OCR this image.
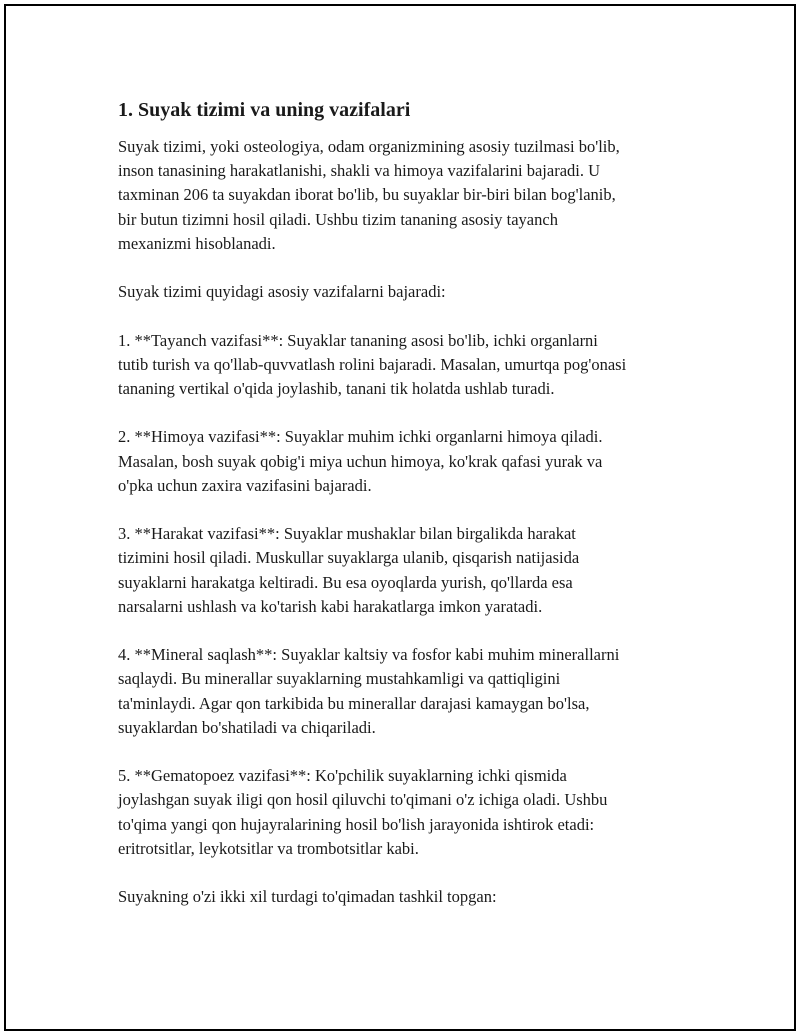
1. Suyak tizimi va uning vazifalari

Suyak tizimi, yoki osteologiya, odam organizmining asosiy tuzilmasi bo'lib,
inson tanasining harakatlanishi, shakli va himoya vazifalarini bajaradi. U
taxminan 206 ta suyakdan iborat bo'lib, bu suyaklar bir-biri bilan bog'lanib,
bir butun tizimni hosil qiladi. Ushbu tizim tananing asosiy tayanch
mexanizmi hisoblanadi.

Suyak tizimi quyidagi asosiy vazifalarni bajaradi:

1. **Tayanch vazifasi**: Suyaklar tananing asosi bo'lib, ichki organlarni
tutib turish va qo'llab-quvvatlash rolini bajaradi. Masalan, umurtqa pog'onasi
tananing vertikal o'qida joylashib, tanani tik holatda ushlab turadi.

2. **Himoya vazifasi**: Suyaklar muhim ichki organlarni himoya qiladi.
Masalan, bosh suyak qobig'i miya uchun himoya, ko'krak qafasi yurak va
o'pka uchun zaxira vazifasini bajaradi.

3. **Harakat vazifasi**: Suyaklar mushaklar bilan birgalikda harakat
tizimini hosil qiladi. Muskullar suyaklarga ulanib, qisqarish natijasida
suyaklarni harakatga keltiradi. Bu esa oyoqlarda yurish, qo'llarda esa
narsalarni ushlash va ko'tarish kabi harakatlarga imkon yaratadi.

4. **Mineral saqlash**: Suyaklar kaltsiy va fosfor kabi muhim minerallarni
saqlaydi. Bu minerallar suyaklarning mustahkamligi va qattiqligini
ta'minlaydi. Agar qon tarkibida bu minerallar darajasi kamaygan bo'lsa,
suyaklardan bo'shatiladi va chiqariladi.

5. **Gematopoez vazifasi**: Ko'pchilik suyaklarning ichki qismida
joylashgan suyak iligi qon hosil qiluvchi to'qimani o'z ichiga oladi. Ushbu
to'qima yangi qon hujayralarining hosil bo'lish jarayonida ishtirok etadi:
eritrotsitlar, leykotsitlar va trombotsitlar kabi.

Suyakning o'zi ikki xil turdagi to'qimadan tashkil topgan:
